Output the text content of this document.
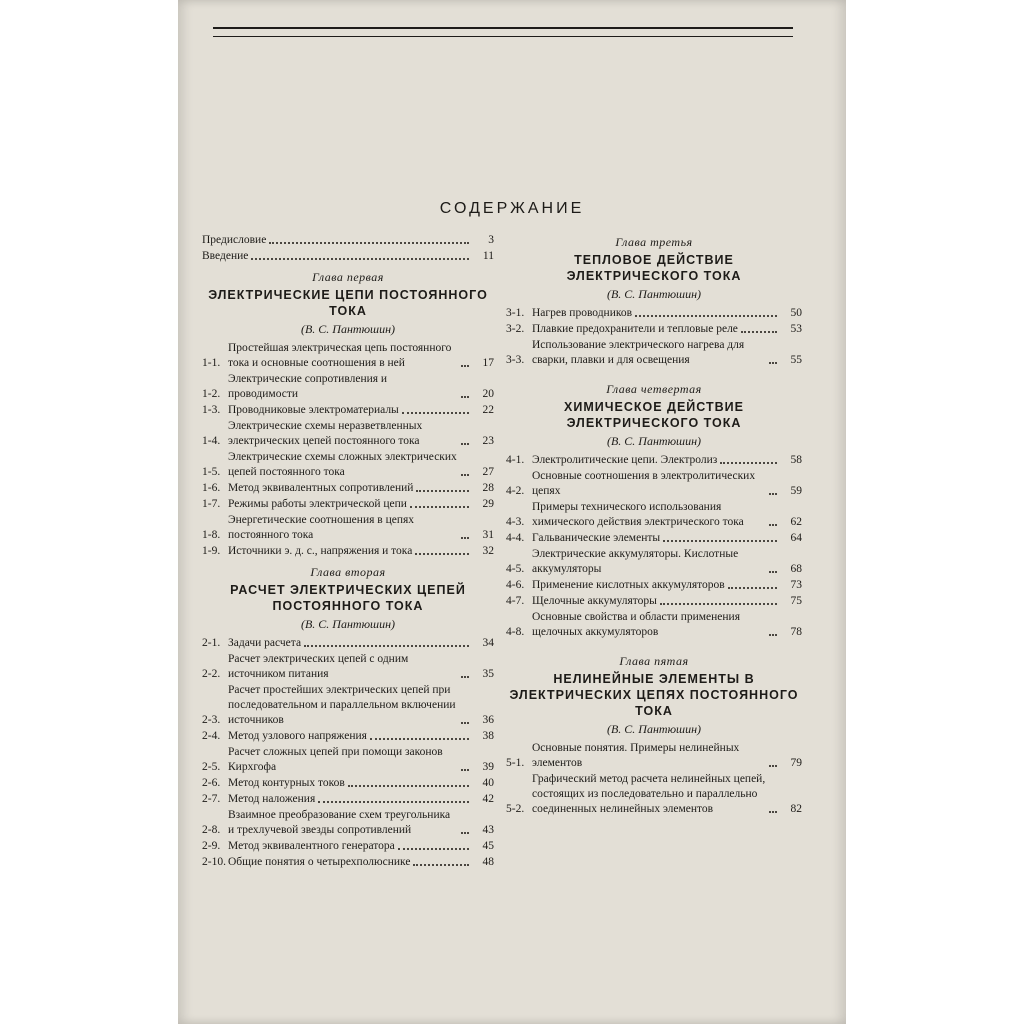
СОДЕРЖАНИЕ
Предисловие	3
Введение	11
Глава первая
ЭЛЕКТРИЧЕСКИЕ ЦЕПИ ПОСТОЯННОГО ТОКА
(В. С. Пантюшин)
1-1.
Простейшая электрическая цепь постоянного тока и основные соотношения в ней	17
1-2.
Электрические сопротивления и проводимости	20
1-3. Проводниковые электроматериалы	22
1-4.
Электрические схемы неразветвленных электрических цепей постоянного тока	23
1-5.
Электрические схемы сложных электрических цепей постоянного тока	27
1-6. Метод эквивалентных сопротивлений	28
1-7. Режимы работы электрической цепи	29
1-8.
Энергетические соотношения в цепях постоянного тока	31
1-9. Источники э. д. с., напряжения и тока	32
Глава вторая
РАСЧЕТ ЭЛЕКТРИЧЕСКИХ ЦЕПЕЙ ПОСТОЯННОГО ТОКА
(В. С. Пантюшин)
2-1. Задачи расчета	34
2-2.
Расчет электрических цепей с одним источником питания	35
2-3.
Расчет простейших электрических цепей при последовательном и параллельном включении источников	36
2-4. Метод узлового напряжения	38
2-5.
Расчет сложных цепей при помощи законов Кирхгофа	39
2-6. Метод контурных токов	40
2-7. Метод наложения	42
2-8.
Взаимное преобразование схем треугольника и трехлучевой звезды сопротивлений	43
2-9. Метод эквивалентного генератора	45
2-10. Общие понятия о четырехполюснике	48
Глава третья
ТЕПЛОВОЕ ДЕЙСТВИЕ ЭЛЕКТРИЧЕСКОГО ТОКА
(В. С. Пантюшин)
3-1. Нагрев проводников	50
3-2. Плавкие предохранители и тепловые реле	53
3-3.
Использование электрического нагрева для сварки, плавки и для освещения	55
Глава четвертая
ХИМИЧЕСКОЕ ДЕЙСТВИЕ ЭЛЕКТРИЧЕСКОГО ТОКА
(В. С. Пантюшин)
4-1. Электролитические цепи. Электролиз	58
4-2.
Основные соотношения в электролитических цепях	59
4-3.
Примеры технического использования химического действия электрического тока	62
4-4. Гальванические элементы	64
4-5.
Электрические аккумуляторы. Кислотные аккумуляторы	68
4-6. Применение кислотных аккумуляторов	73
4-7. Щелочные аккумуляторы	75
4-8.
Основные свойства и области применения щелочных аккумуляторов	78
Глава пятая
НЕЛИНЕЙНЫЕ ЭЛЕМЕНТЫ В ЭЛЕКТРИЧЕСКИХ ЦЕПЯХ ПОСТОЯННОГО ТОКА
(В. С. Пантюшин)
5-1.
Основные понятия. Примеры нелинейных элементов	79
5-2.
Графический метод расчета нелинейных цепей, состоящих из последовательно и параллельно соединенных нелинейных элементов	82
